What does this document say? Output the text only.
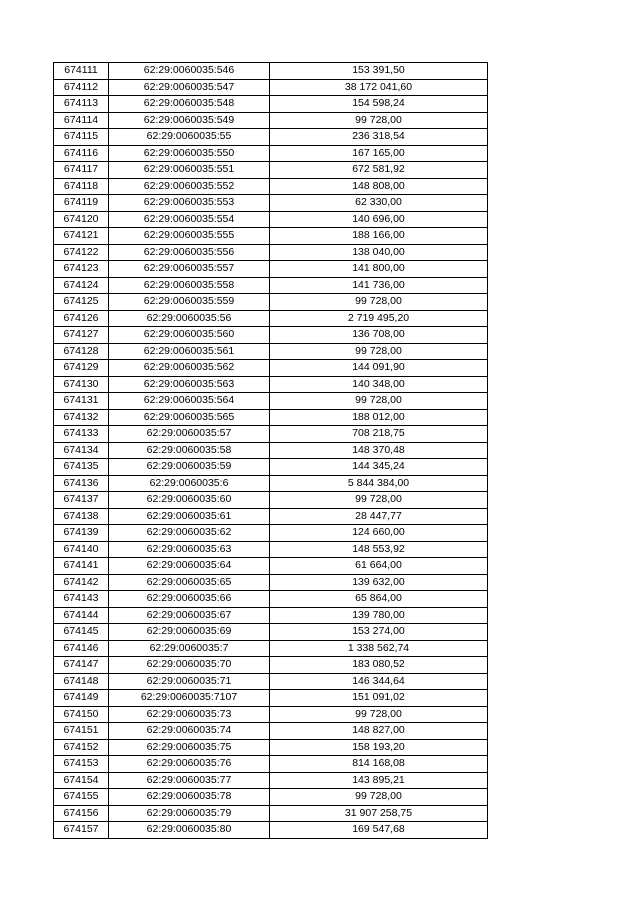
674111	62:29:0060035:546	153 391,50
674112	62:29:0060035:547	38 172 041,60
674113	62:29:0060035:548	154 598,24
674114	62:29:0060035:549	99 728,00
674115	62:29:0060035:55	236 318,54
674116	62:29:0060035:550	167 165,00
674117	62:29:0060035:551	672 581,92
674118	62:29:0060035:552	148 808,00
674119	62:29:0060035:553	62 330,00
674120	62:29:0060035:554	140 696,00
674121	62:29:0060035:555	188 166,00
674122	62:29:0060035:556	138 040,00
674123	62:29:0060035:557	141 800,00
674124	62:29:0060035:558	141 736,00
674125	62:29:0060035:559	99 728,00
674126	62:29:0060035:56	2 719 495,20
674127	62:29:0060035:560	136 708,00
674128	62:29:0060035:561	99 728,00
674129	62:29:0060035:562	144 091,90
674130	62:29:0060035:563	140 348,00
674131	62:29:0060035:564	99 728,00
674132	62:29:0060035:565	188 012,00
674133	62:29:0060035:57	708 218,75
674134	62:29:0060035:58	148 370,48
674135	62:29:0060035:59	144 345,24
674136	62:29:0060035:6	5 844 384,00
674137	62:29:0060035:60	99 728,00
674138	62:29:0060035:61	28 447,77
674139	62:29:0060035:62	124 660,00
674140	62:29:0060035:63	148 553,92
674141	62:29:0060035:64	61 664,00
674142	62:29:0060035:65	139 632,00
674143	62:29:0060035:66	65 864,00
674144	62:29:0060035:67	139 780,00
674145	62:29:0060035:69	153 274,00
674146	62:29:0060035:7	1 338 562,74
674147	62:29:0060035:70	183 080,52
674148	62:29:0060035:71	146 344,64
674149	62:29:0060035:7107	151 091,02
674150	62:29:0060035:73	99 728,00
674151	62:29:0060035:74	148 827,00
674152	62:29:0060035:75	158 193,20
674153	62:29:0060035:76	814 168,08
674154	62:29:0060035:77	143 895,21
674155	62:29:0060035:78	99 728,00
674156	62:29:0060035:79	31 907 258,75
674157	62:29:0060035:80	169 547,68
